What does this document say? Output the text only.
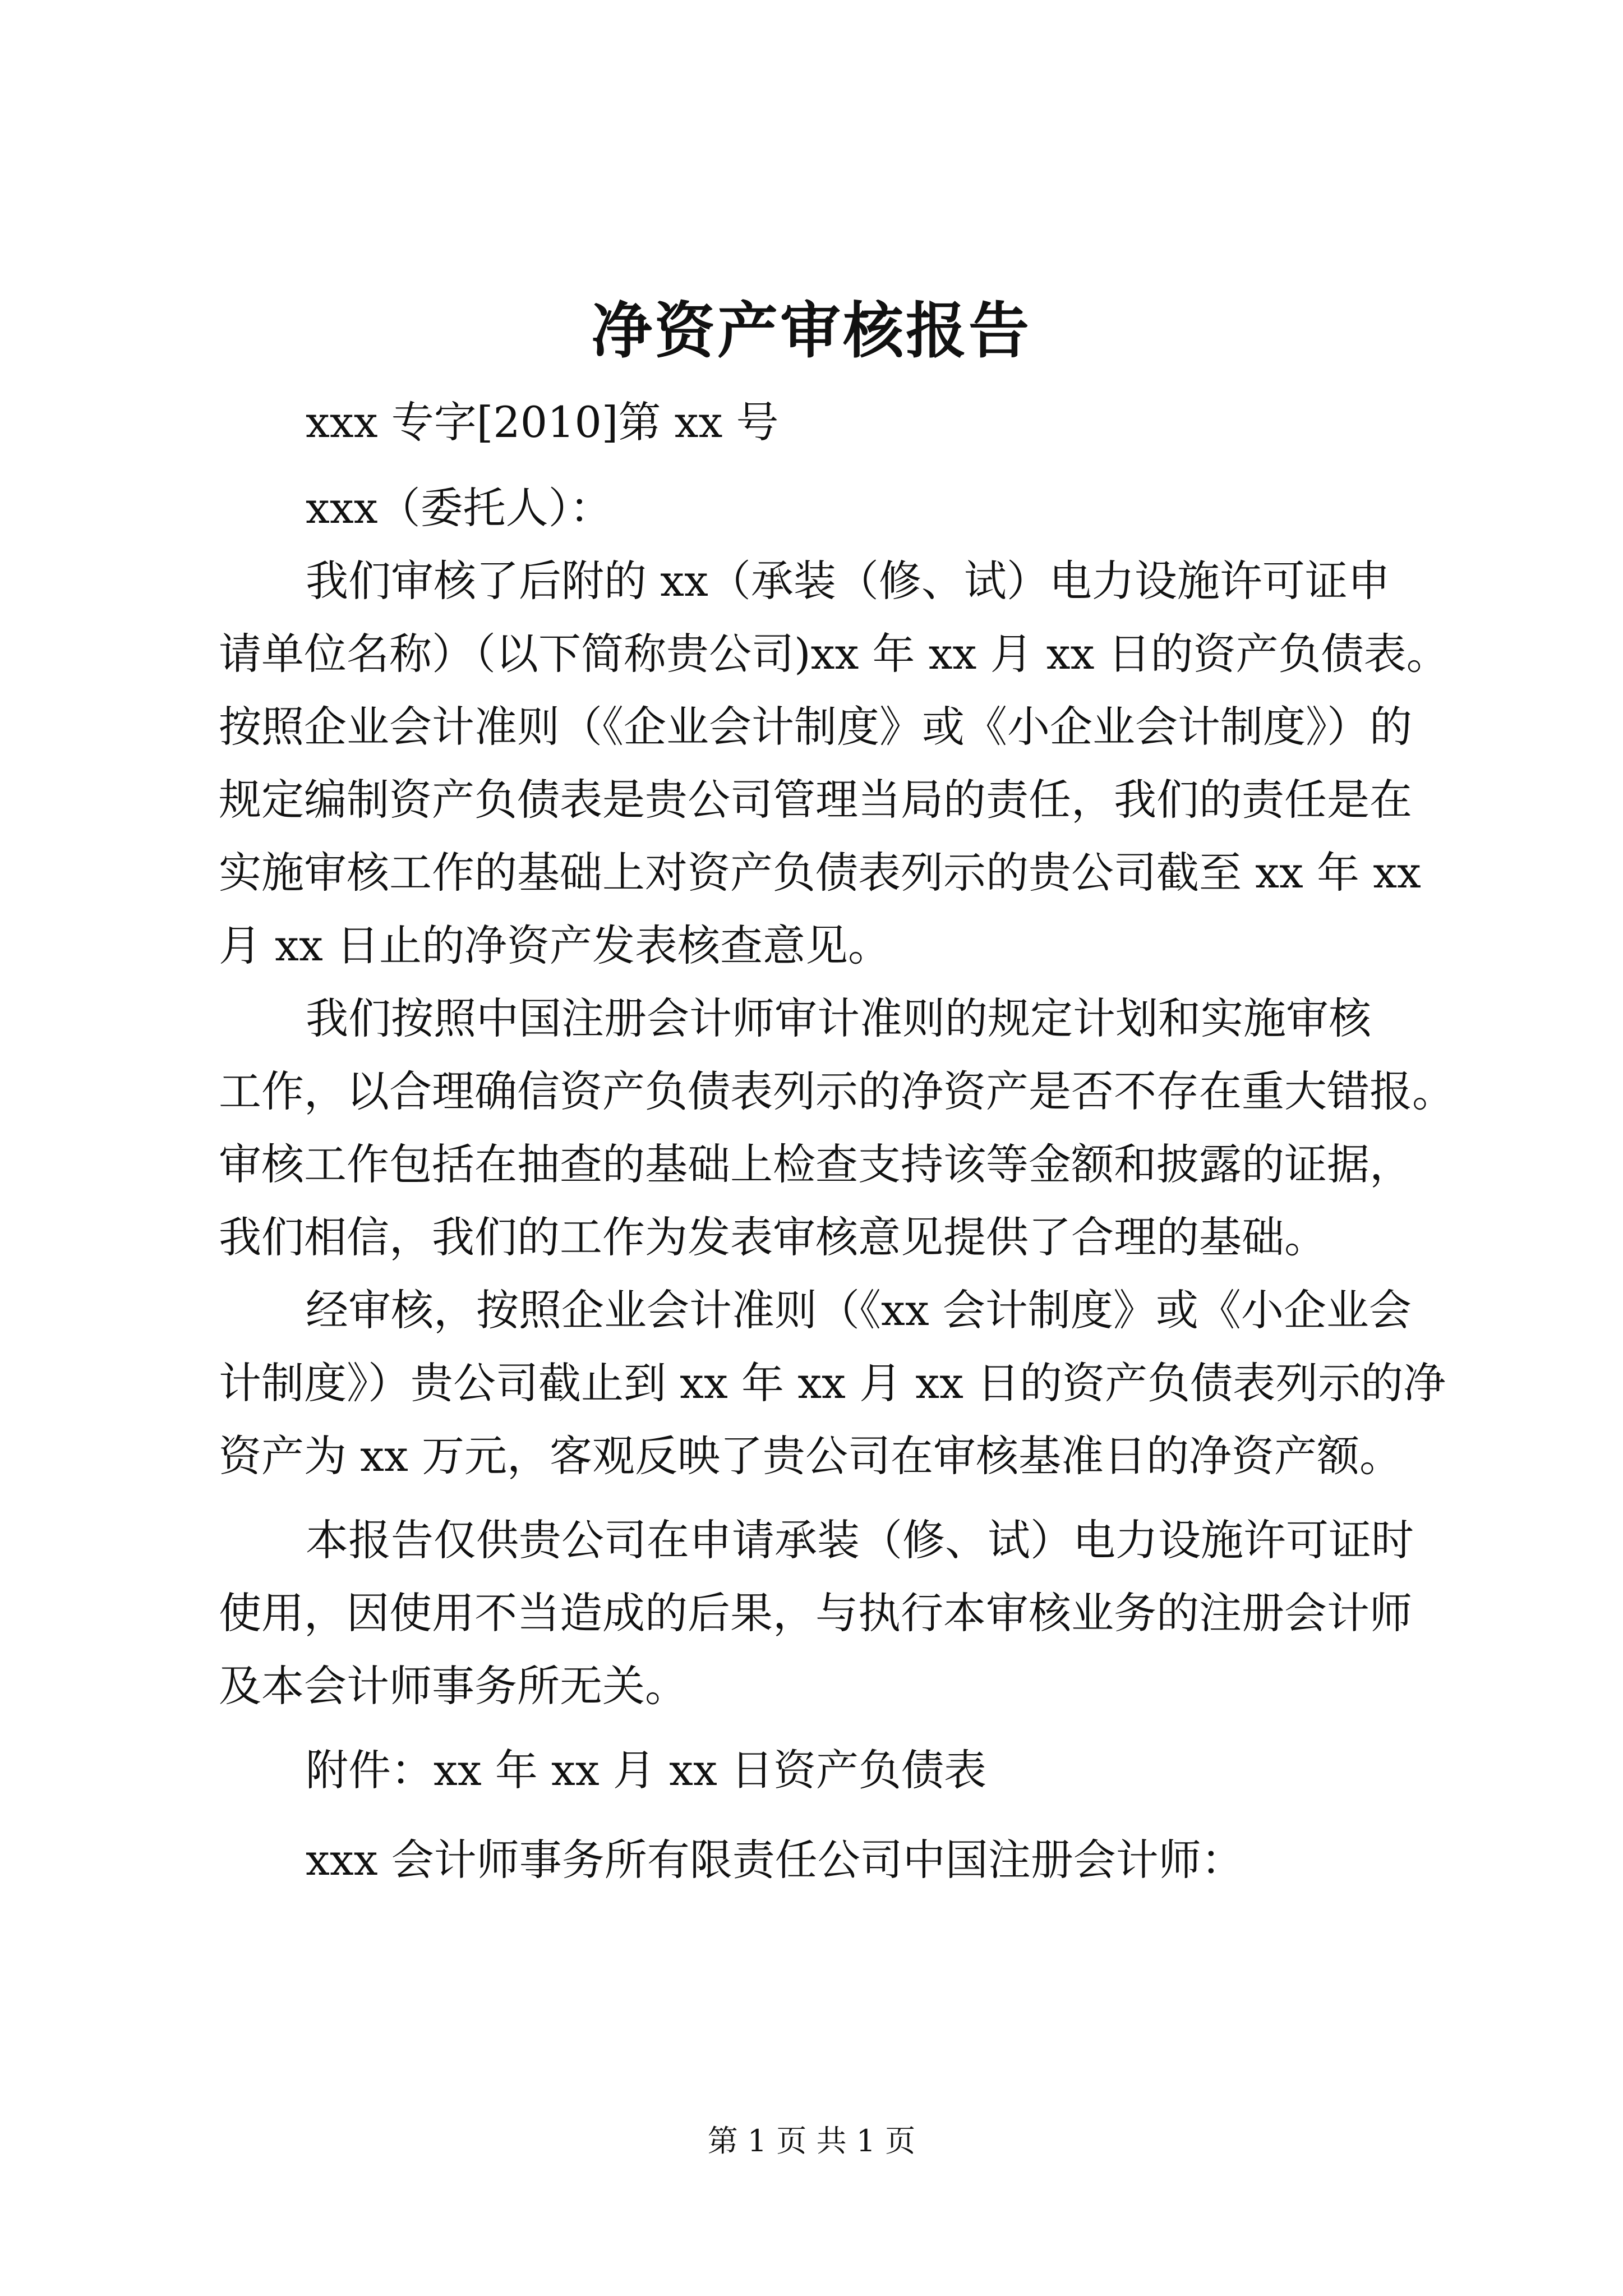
净资产审核报告

xxx 专字[2010]第 xx 号

xxx（委托人）：

我们审核了后附的 xx（承装（修、试）电力设施许可证申

请单位名称）（以下简称贵公司)xx 年 xx 月 xx 日的资产负债表。

按照企业会计准则（《企业会计制度》或《小企业会计制度》）的

规定编制资产负债表是贵公司管理当局的责任，我们的责任是在

实施审核工作的基础上对资产负债表列示的贵公司截至 xx 年 xx

月 xx 日止的净资产发表核查意见。

我们按照中国注册会计师审计准则的规定计划和实施审核

工作，以合理确信资产负债表列示的净资产是否不存在重大错报。

审核工作包括在抽查的基础上检查支持该等金额和披露的证据，

我们相信，我们的工作为发表审核意见提供了合理的基础。

经审核，按照企业会计准则（《xx 会计制度》或《小企业会

计制度》）贵公司截止到 xx 年 xx 月 xx 日的资产负债表列示的净

资产为 xx 万元，客观反映了贵公司在审核基准日的净资产额。

本报告仅供贵公司在申请承装（修、试）电力设施许可证时

使用，因使用不当造成的后果，与执行本审核业务的注册会计师

及本会计师事务所无关。

附件：xx 年 xx 月 xx 日资产负债表

xxx 会计师事务所有限责任公司中国注册会计师：

第 1 页 共 1 页
